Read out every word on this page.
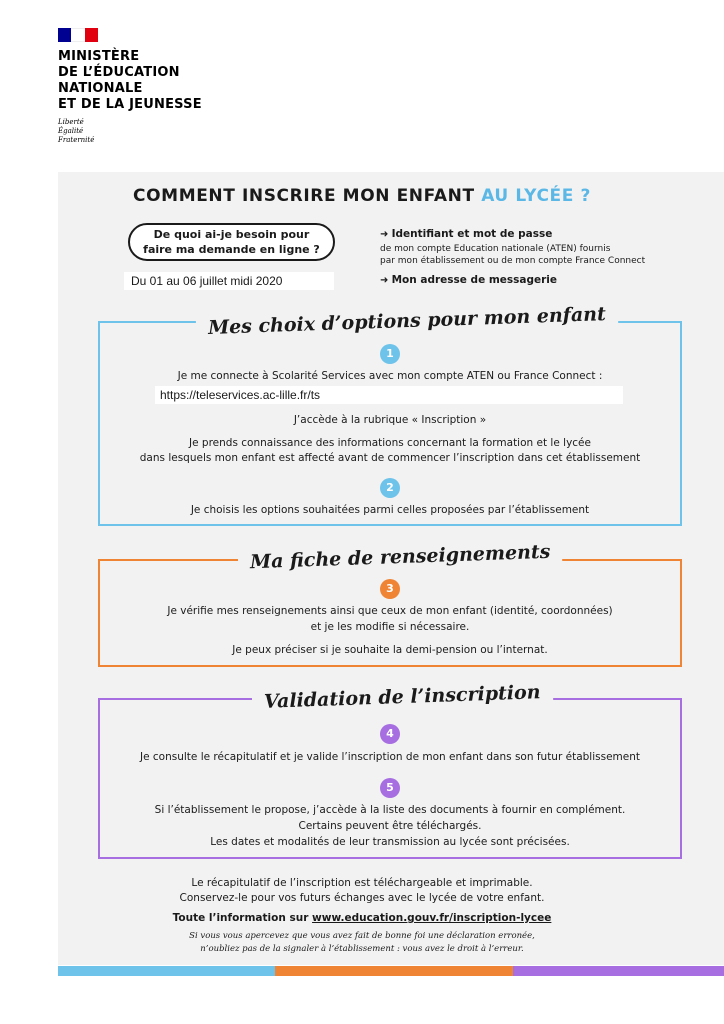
MINISTÈRE
DE L’ÉDUCATION
NATIONALE
ET DE LA JEUNESSE
Liberté
Égalité
Fraternité
COMMENT INSCRIRE MON ENFANT AU LYCÉE ?
De quoi ai-je besoin pour
faire ma demande en ligne ?
Du 01 au 06 juillet midi 2020
➜ Identifiant et mot de passe
de mon compte Education nationale (ATEN) fournis
par mon établissement ou de mon compte France Connect
➜ Mon adresse de messagerie
Mes choix d’options pour mon enfant
1
Je me connecte à Scolarité Services avec mon compte ATEN ou France Connect :
https://teleservices.ac-lille.fr/ts
J’accède à la rubrique « Inscription »
Je prends connaissance des informations concernant la formation et le lycée
dans lesquels mon enfant est affecté avant de commencer l’inscription dans cet établissement
2
Je choisis les options souhaitées parmi celles proposées par l’établissement
Ma fiche de renseignements
3
Je vérifie mes renseignements ainsi que ceux de mon enfant (identité, coordonnées)
et je les modifie si nécessaire.
Je peux préciser si je souhaite la demi-pension ou l’internat.
Validation de l’inscription
4
Je consulte le récapitulatif et je valide l’inscription de mon enfant dans son futur établissement
5
Si l’établissement le propose, j’accède à la liste des documents à fournir en complément.
Certains peuvent être téléchargés.
Les dates et modalités de leur transmission au lycée sont précisées.
Le récapitulatif de l’inscription est téléchargeable et imprimable.
Conservez-le pour vos futurs échanges avec le lycée de votre enfant.
Toute l’information sur www.education.gouv.fr/inscription-lycee
Si vous vous apercevez que vous avez fait de bonne foi une déclaration erronée,
n’oubliez pas de la signaler à l’établissement : vous avez le droit à l’erreur.
